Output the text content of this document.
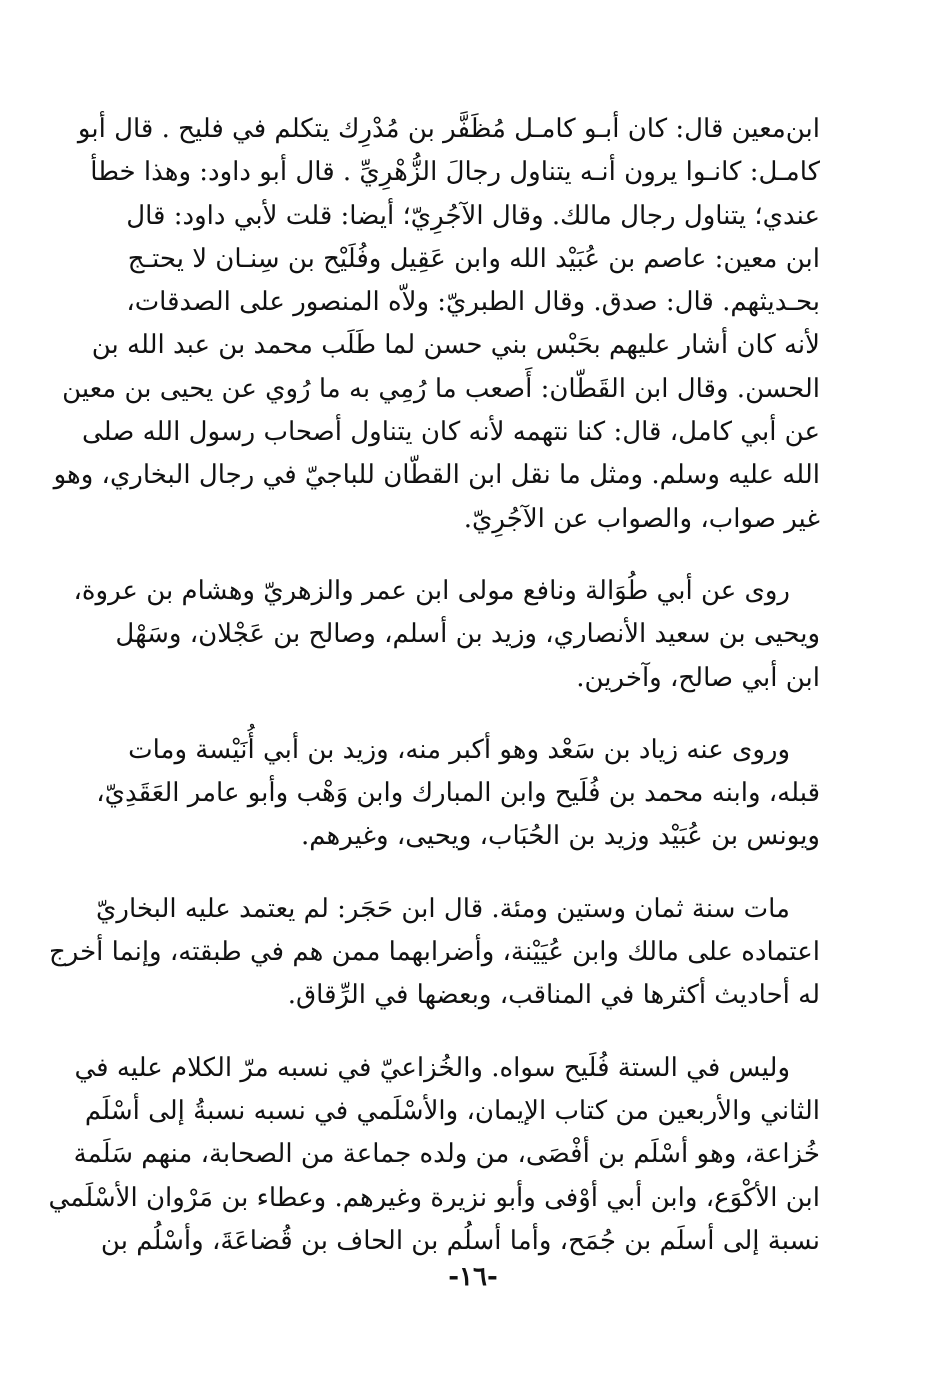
ابن‌معين قال: كان أبـو كامـل مُظَفَّر بن مُدْرِك يتكلم في فليح . قال أبو
كامـل: كانـوا يرون أنـه يتناول رجالَ الزُّهْرِيِّ . قال أبو داود: وهذا خطأ
عندي؛ يتناول رجال مالك. وقال الآجُرِيّ؛ أيضا: قلت لأبي داود: قال
ابن معين: عاصم بن عُبَيْد الله وابن عَقِيل وفُلَيْح بن سِنـان لا يحتـج
بحـديثهم. قال: صدق. وقال الطبريّ: ولاّه المنصور على الصدقات،
لأنه كان أشار عليهم بحَبْس بني حسن لما طَلَب محمد بن عبد الله بن
الحسن. وقال ابن القَطّان: أَصعب ما رُمِي به ما رُوي عن يحيى بن معين
عن أبي كامل، قال: كنا نتهمه لأنه كان يتناول أصحاب رسول الله صلى
الله عليه وسلم. ومثل ما نقل ابن القطّان للباجيّ في رجال البخاري، وهو
غير صواب، والصواب عن الآجُرِيّ.
روى عن أبي طُوَالة ونافع مولى ابن عمر والزهريّ وهشام بن عروة،
ويحيى بن سعيد الأنصاري، وزيد بن أسلم، وصالح بن عَجْلان، وسَهْل
ابن أبي صالح، وآخرين.
وروى عنه زياد بن سَعْد وهو أكبر منه، وزيد بن أبي أُنَيْسة ومات
قبله، وابنه محمد بن فُلَيح وابن المبارك وابن وَهْب وأبو عامر العَقَدِيّ،
ويونس بن عُبَيْد وزيد بن الحُبَاب، ويحيى، وغيرهم.
مات سنة ثمان وستين ومئة. قال ابن حَجَر: لم يعتمد عليه البخاريّ
اعتماده على مالك وابن عُيَيْنة، وأضرابهما ممن هم في طبقته، وإنما أخرج
له أحاديث أكثرها في المناقب، وبعضها في الرِّقاق.
وليس في الستة فُلَيح سواه. والخُزاعيّ في نسبه مرّ الكلام عليه في
الثاني والأربعين من كتاب الإيمان، والأسْلَمي في نسبه نسبةُ إلى أسْلَم
خُزاعة، وهو أسْلَم بن أفْصَى، من ولده جماعة من الصحابة، منهم سَلَمة
ابن الأكْوَع، وابن أبي أوْفى وأبو نزيرة وغيرهم. وعطاء بن مَرْوان الأسْلَمي
نسبة إلى أسلَم بن جُمَح، وأما أسلُم بن الحاف بن قُضاعَةَ، وأسْلُم بن
-١٦-
